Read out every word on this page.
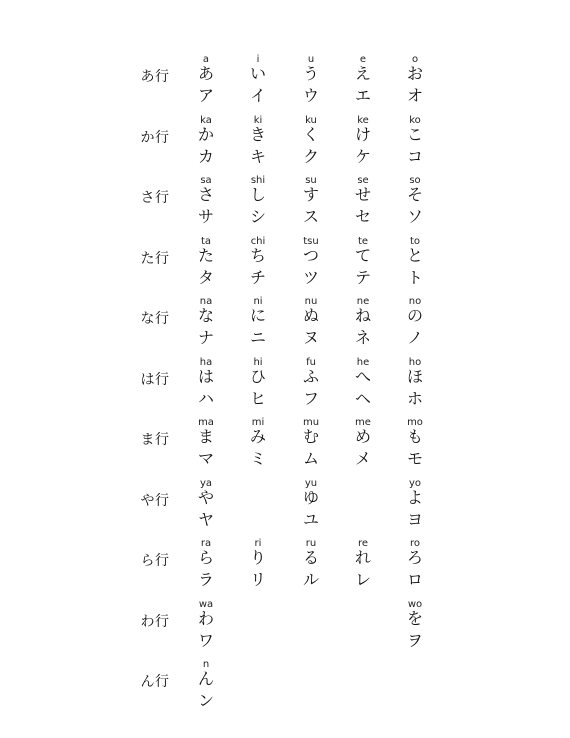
あ行
a
あ
ア
i
い
イ
u
う
ウ
e
え
エ
o
お
オ
か行
ka
か
カ
ki
き
キ
ku
く
ク
ke
け
ケ
ko
こ
コ
さ行
sa
さ
サ
shi
し
シ
su
す
ス
se
せ
セ
so
そ
ソ
た行
ta
た
タ
chi
ち
チ
tsu
つ
ツ
te
て
テ
to
と
ト
な行
na
な
ナ
ni
に
ニ
nu
ぬ
ヌ
ne
ね
ネ
no
の
ノ
は行
ha
は
ハ
hi
ひ
ヒ
fu
ふ
フ
he
へ
ヘ
ho
ほ
ホ
ま行
ma
ま
マ
mi
み
ミ
mu
む
ム
me
め
メ
mo
も
モ
や行
ya
や
ヤ
yu
ゆ
ユ
yo
よ
ヨ
ら行
ra
ら
ラ
ri
り
リ
ru
る
ル
re
れ
レ
ro
ろ
ロ
わ行
wa
わ
ワ
wo
を
ヲ
ん行
n
ん
ン
